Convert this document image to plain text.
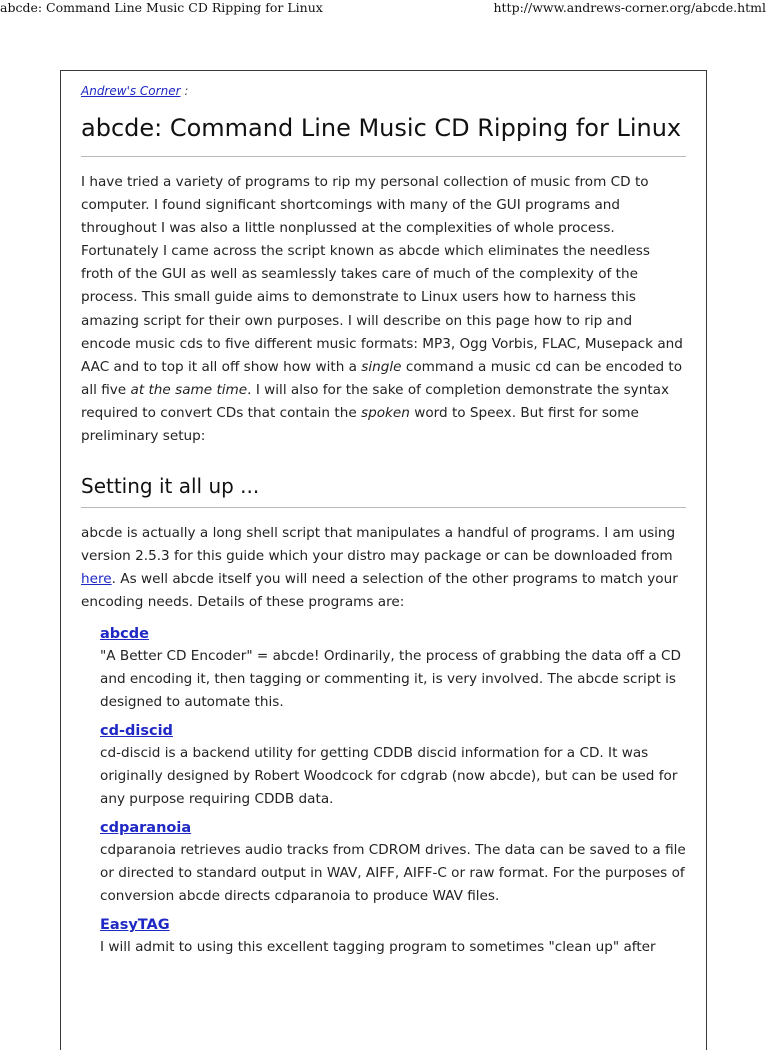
abcde: Command Line Music CD Ripping for Linux	http://www.andrews-corner.org/abcde.html
Andrew's Corner :
abcde: Command Line Music CD Ripping for Linux

I have tried a variety of programs to rip my personal collection of music from CD to computer. I found significant shortcomings with many of the GUI programs and throughout I was also a little nonplussed at the complexities of whole process. Fortunately I came across the script known as abcde which eliminates the needless froth of the GUI as well as seamlessly takes care of much of the complexity of the process. This small guide aims to demonstrate to Linux users how to harness this amazing script for their own purposes. I will describe on this page how to rip and encode music cds to five different music formats: MP3, Ogg Vorbis, FLAC, Musepack and AAC and to top it all off show how with a single command a music cd can be encoded to all five at the same time. I will also for the sake of completion demonstrate the syntax required to convert CDs that contain the spoken word to Speex. But first for some preliminary setup:

Setting it all up ...

abcde is actually a long shell script that manipulates a handful of programs. I am using version 2.5.3 for this guide which your distro may package or can be downloaded from here. As well abcde itself you will need a selection of the other programs to match your encoding needs. Details of these programs are:

abcde
"A Better CD Encoder" = abcde! Ordinarily, the process of grabbing the data off a CD and encoding it, then tagging or commenting it, is very involved. The abcde script is designed to automate this.
cd-discid
cd-discid is a backend utility for getting CDDB discid information for a CD. It was originally designed by Robert Woodcock for cdgrab (now abcde), but can be used for any purpose requiring CDDB data.
cdparanoia
cdparanoia retrieves audio tracks from CDROM drives. The data can be saved to a file or directed to standard output in WAV, AIFF, AIFF-C or raw format. For the purposes of conversion abcde directs cdparanoia to produce WAV files.
EasyTAG
I will admit to using this excellent tagging program to sometimes "clean up" after
